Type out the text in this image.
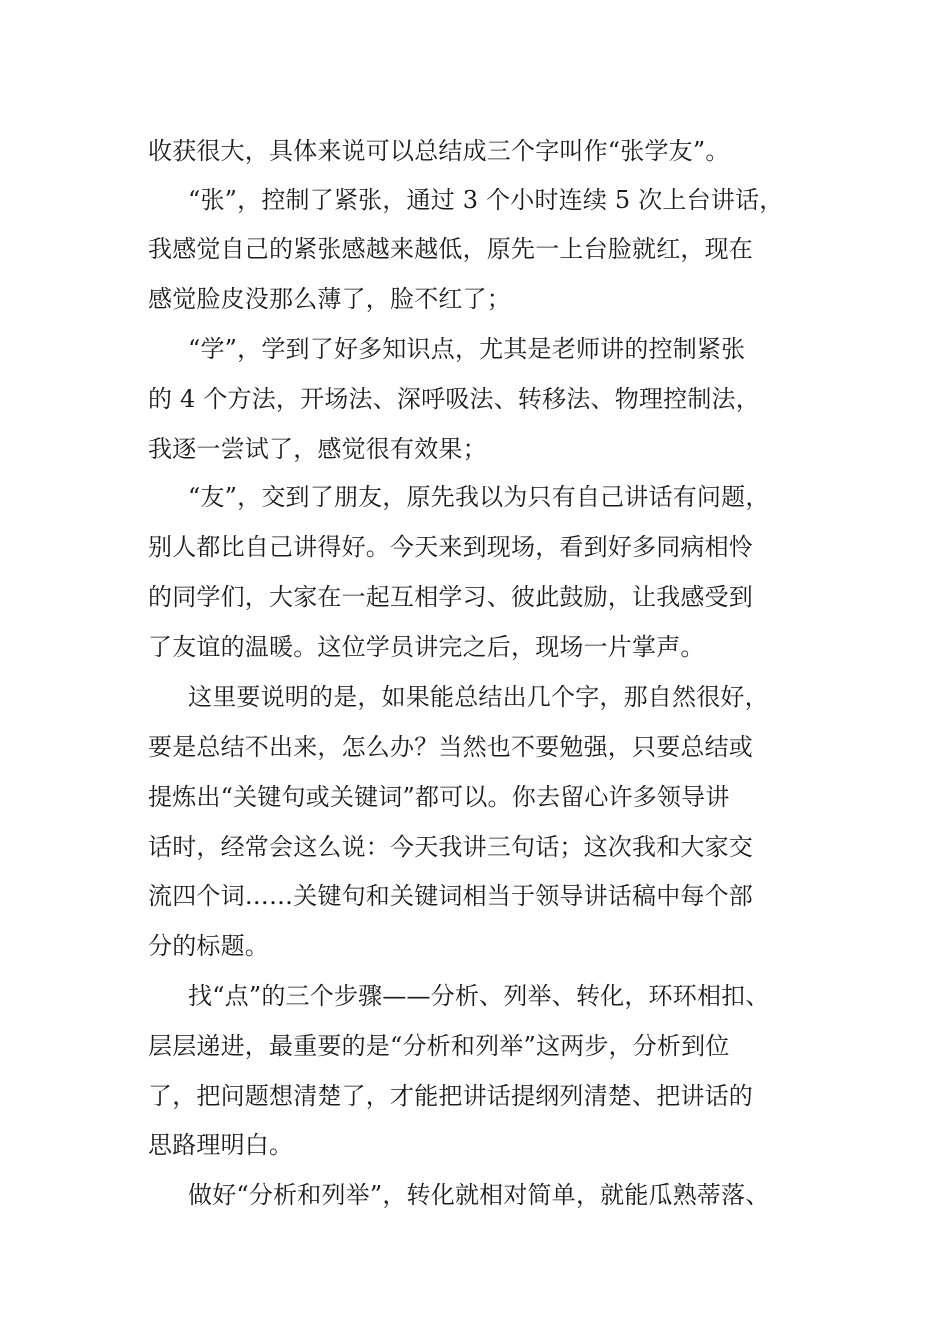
收获很大，具体来说可以总结成三个字叫作“张学友”。
“张”，控制了紧张，通过 3 个小时连续 5 次上台讲话，
我感觉自己的紧张感越来越低，原先一上台脸就红，现在
感觉脸皮没那么薄了，脸不红了；
“学”，学到了好多知识点，尤其是老师讲的控制紧张
的 4 个方法，开场法、深呼吸法、转移法、物理控制法，
我逐一尝试了，感觉很有效果；
“友”，交到了朋友，原先我以为只有自己讲话有问题，
别人都比自己讲得好。今天来到现场，看到好多同病相怜
的同学们，大家在一起互相学习、彼此鼓励，让我感受到
了友谊的温暖。这位学员讲完之后，现场一片掌声。
这里要说明的是，如果能总结出几个字，那自然很好，
要是总结不出来，怎么办？当然也不要勉强，只要总结或
提炼出“关键句或关键词”都可以。你去留心许多领导讲
话时，经常会这么说：今天我讲三句话；这次我和大家交
流四个词……关键句和关键词相当于领导讲话稿中每个部
分的标题。
找“点”的三个步骤——分析、列举、转化，环环相扣、
层层递进，最重要的是“分析和列举”这两步，分析到位
了，把问题想清楚了，才能把讲话提纲列清楚、把讲话的
思路理明白。
做好“分析和列举”，转化就相对简单，就能瓜熟蒂落、
